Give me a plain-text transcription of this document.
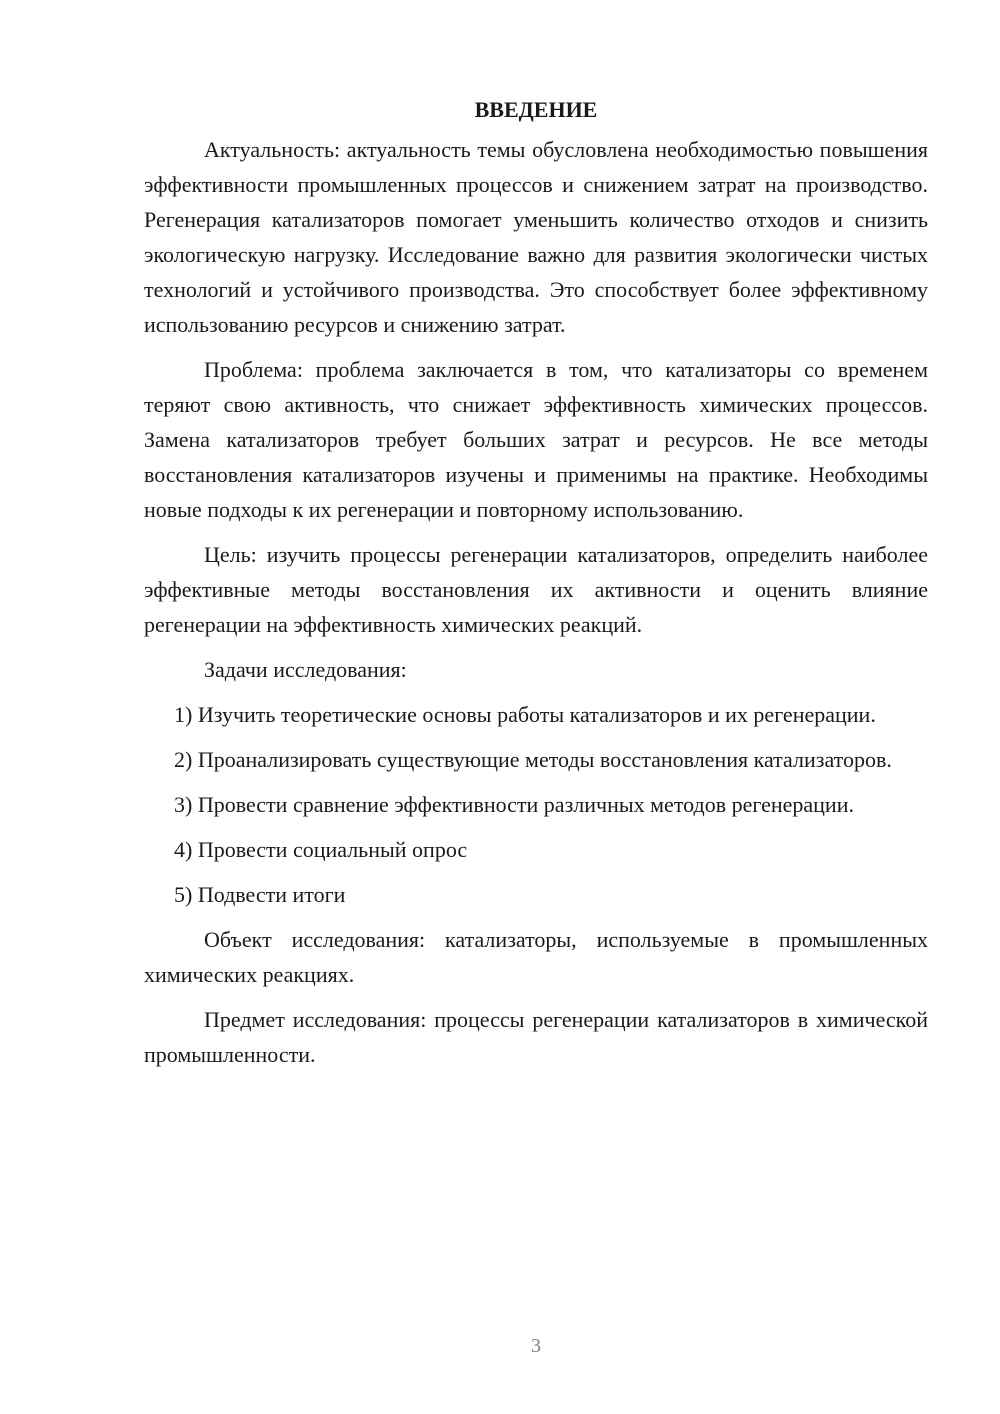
ВВЕДЕНИЕ

Актуальность: актуальность темы обусловлена необходимостью повышения эффективности промышленных процессов и снижением затрат на производство. Регенерация катализаторов помогает уменьшить количество отходов и снизить экологическую нагрузку. Исследование важно для развития экологически чистых технологий и устойчивого производства. Это способствует более эффективному использованию ресурсов и снижению затрат.

Проблема: проблема заключается в том, что катализаторы со временем теряют свою активность, что снижает эффективность химических процессов. Замена катализаторов требует больших затрат и ресурсов. Не все методы восстановления катализаторов изучены и применимы на практике. Необходимы новые подходы к их регенерации и повторному использованию.

Цель: изучить процессы регенерации катализаторов, определить наиболее эффективные методы восстановления их активности и оценить влияние регенерации на эффективность химических реакций.

Задачи исследования:

1) Изучить теоретические основы работы катализаторов и их регенерации.

2) Проанализировать существующие методы восстановления катализаторов.

3) Провести сравнение эффективности различных методов регенерации.

4) Провести социальный опрос

5) Подвести итоги

Объект исследования: катализаторы, используемые в промышленных химических реакциях.

Предмет исследования: процессы регенерации катализаторов в химической промышленности.

3
